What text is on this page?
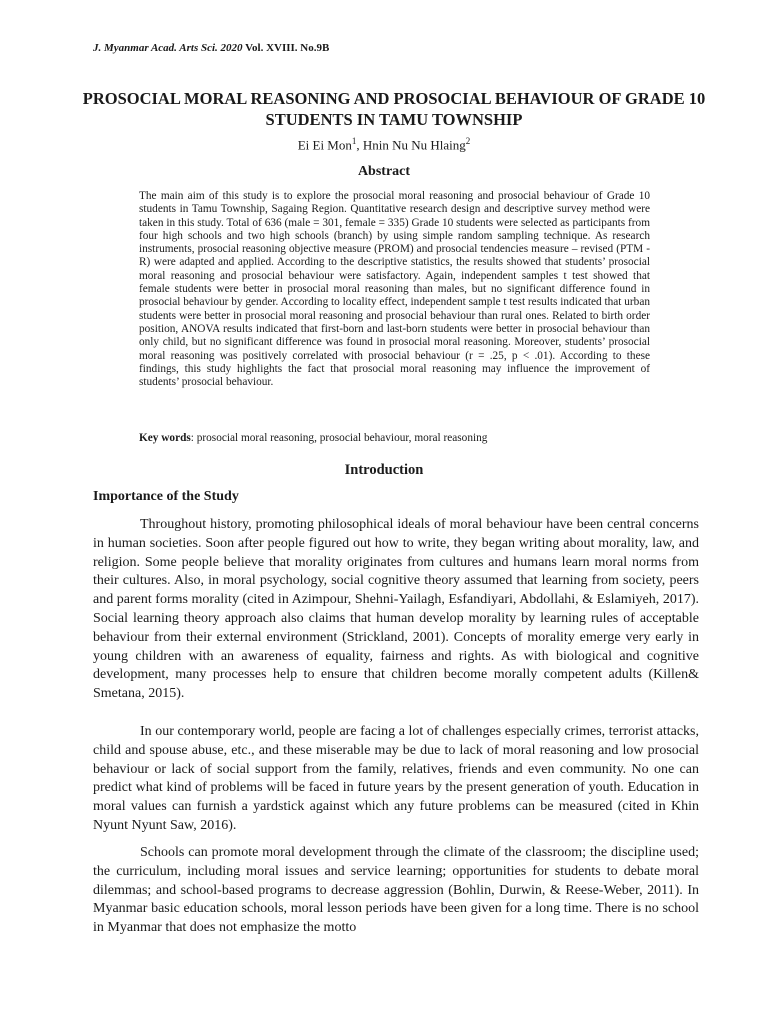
J. Myanmar Acad. Arts Sci. 2020 Vol. XVIII. No.9B
PROSOCIAL MORAL REASONING AND PROSOCIAL BEHAVIOUR OF GRADE 10 STUDENTS IN TAMU TOWNSHIP
Ei Ei Mon$^1$, Hnin Nu Nu Hlaing$^2$
Abstract

The main aim of this study is to explore the prosocial moral reasoning and prosocial behaviour of Grade 10 students in Tamu Township, Sagaing Region. Quantitative research design and descriptive survey method were taken in this study. Total of 636 (male = 301, female = 335) Grade 10 students were selected as participants from four high schools and two high schools (branch) by using simple random sampling technique. As research instruments, prosocial reasoning objective measure (PROM) and prosocial tendencies measure – revised (PTM - R) were adapted and applied. According to the descriptive statistics, the results showed that students’ prosocial moral reasoning and prosocial behaviour were satisfactory. Again, independent samples t test showed that female students were better in prosocial moral reasoning than males, but no significant difference found in prosocial behaviour by gender. According to locality effect, independent sample t test results indicated that urban students were better in prosocial moral reasoning and prosocial behaviour than rural ones. Related to birth order position, ANOVA results indicated that first-born and last-born students were better in prosocial behaviour than only child, but no significant difference was found in prosocial moral reasoning. Moreover, students’ prosocial moral reasoning was positively correlated with prosocial behaviour (r = .25, p < .01). According to these findings, this study highlights the fact that prosocial moral reasoning may influence the improvement of students’ prosocial behaviour.

Key words: prosocial moral reasoning, prosocial behaviour, moral reasoning
Introduction
Importance of the Study

Throughout history, promoting philosophical ideals of moral behaviour have been central concerns in human societies. Soon after people figured out how to write, they began writing about morality, law, and religion. Some people believe that morality originates from cultures and humans learn moral norms from their cultures. Also, in moral psychology, social cognitive theory assumed that learning from society, peers and parent forms morality (cited in Azimpour, Shehni-Yailagh, Esfandiyari, Abdollahi, & Eslamiyeh, 2017). Social learning theory approach also claims that human develop morality by learning rules of acceptable behaviour from their external environment (Strickland, 2001). Concepts of morality emerge very early in young children with an awareness of equality, fairness and rights. As with biological and cognitive development, many processes help to ensure that children become morally competent adults (Killen& Smetana, 2015).

In our contemporary world, people are facing a lot of challenges especially crimes, terrorist attacks, child and spouse abuse, etc., and these miserable may be due to lack of moral reasoning and low prosocial behaviour or lack of social support from the family, relatives, friends and even community. No one can predict what kind of problems will be faced in future years by the present generation of youth. Education in moral values can furnish a yardstick against which any future problems can be measured (cited in Khin Nyunt Nyunt Saw, 2016).

Schools can promote moral development through the climate of the classroom; the discipline used; the curriculum, including moral issues and service learning; opportunities for students to debate moral dilemmas; and school-based programs to decrease aggression (Bohlin, Durwin, & Reese-Weber, 2011). In Myanmar basic education schools, moral lesson periods have been given for a long time. There is no school in Myanmar that does not emphasize the motto
